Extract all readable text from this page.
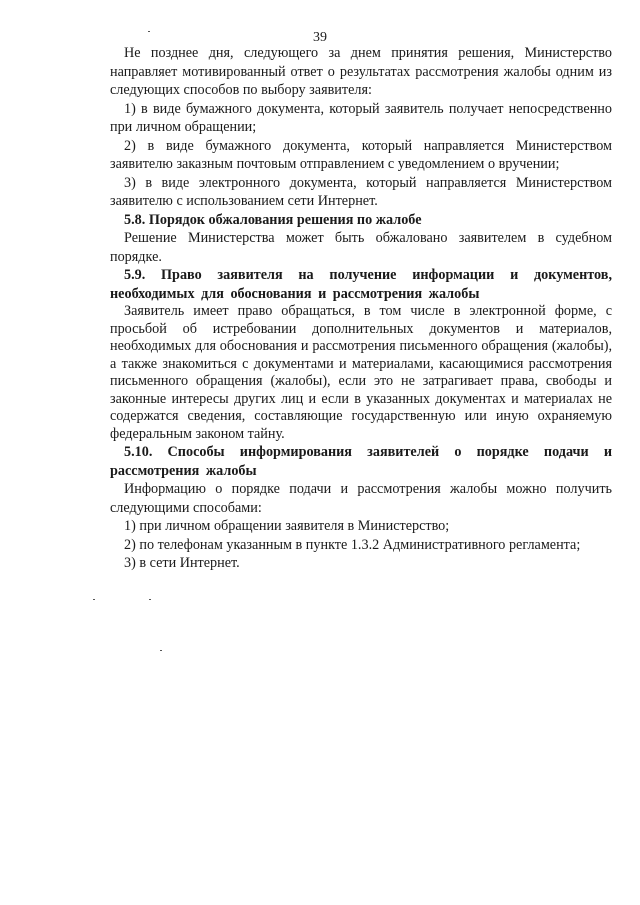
39

Не позднее дня, следующего за днем принятия решения, Министерство направляет мотивированный ответ о результатах рассмотрения жалобы одним из следующих способов по выбору заявителя:

1) в виде бумажного документа, который заявитель получает непосредственно при личном обращении;

2) в виде бумажного документа, который направляется Министерством заявителю заказным почтовым отправлением с уведомлением о вручении;

3) в виде электронного документа, который направляется Министерством заявителю с использованием сети Интернет.

5.8. Порядок обжалования решения по жалобе

Решение Министерства может быть обжаловано заявителем в судебном порядке.

5.9. Право заявителя на получение информации и документов, необходимых для обоснования и рассмотрения жалобы

Заявитель имеет право обращаться, в том числе в электронной форме, с просьбой об истребовании дополнительных документов и материалов, необходимых для обоснования и рассмотрения письменного обращения (жалобы), а также знакомиться с документами и материалами, касающимися рассмотрения письменного обращения (жалобы), если это не затрагивает права, свободы и законные интересы других лиц и если в указанных документах и материалах не содержатся сведения, составляющие государственную или иную охраняемую федеральным законом тайну.

5.10. Способы информирования заявителей о порядке подачи и рассмотрения жалобы

Информацию о порядке подачи и рассмотрения жалобы можно получить следующими способами:

1) при личном обращении заявителя в Министерство;

2) по телефонам указанным в пункте 1.3.2 Административного регламента;

3) в сети Интернет.
